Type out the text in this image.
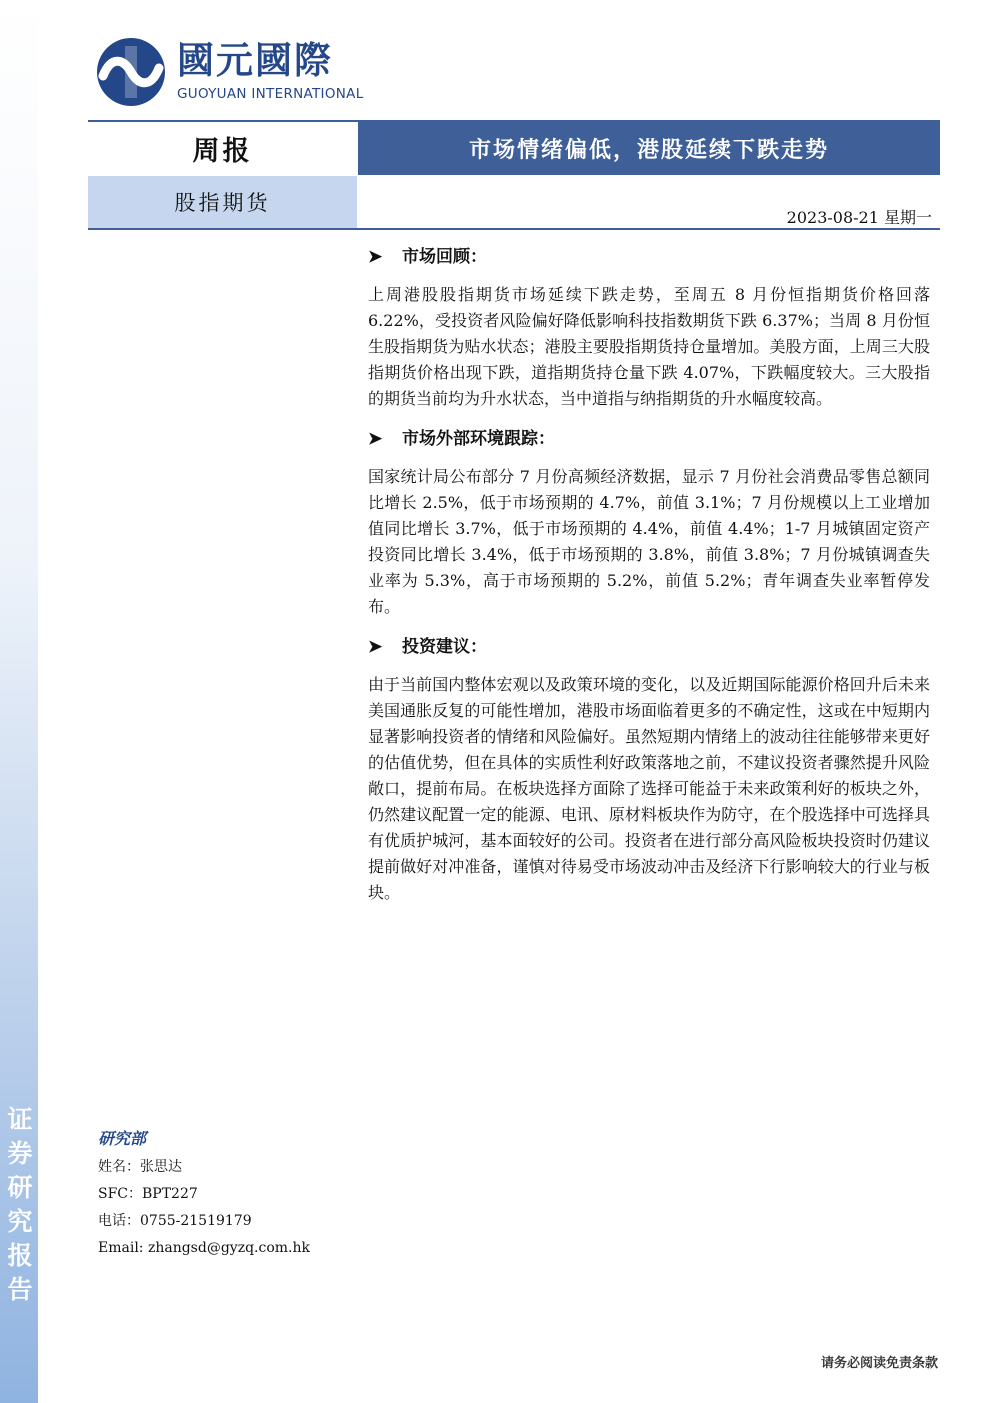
证
券
研
究
报
告
國元國際
GUOYUAN INTERNATIONAL
周报	市场情绪偏低，港股延续下跌走势
股指期货
2023-08-21 星期一
➤	市场回顾：

上周港股股指期货市场延续下跌走势，至周五 8 月份恒指期货价格回落 6.22%，受投资者风险偏好降低影响科技指数期货下跌 6.37%；当周 8 月份恒生股指期货为贴水状态；港股主要股指期货持仓量增加。美股方面，上周三大股指期货价格出现下跌，道指期货持仓量下跌 4.07%，下跌幅度较大。三大股指的期货当前均为升水状态，当中道指与纳指期货的升水幅度较高。

➤	市场外部环境跟踪：

国家统计局公布部分 7 月份高频经济数据，显示 7 月份社会消费品零售总额同比增长 2.5%，低于市场预期的 4.7%，前值 3.1%；7 月份规模以上工业增加值同比增长 3.7%，低于市场预期的 4.4%，前值 4.4%；1-7 月城镇固定资产投资同比增长 3.4%，低于市场预期的 3.8%，前值 3.8%；7 月份城镇调查失业率为 5.3%，高于市场预期的 5.2%，前值 5.2%；青年调查失业率暂停发布。

➤	投资建议：

由于当前国内整体宏观以及政策环境的变化，以及近期国际能源价格回升后未来美国通胀反复的可能性增加，港股市场面临着更多的不确定性，这或在中短期内显著影响投资者的情绪和风险偏好。虽然短期内情绪上的波动往往能够带来更好的估值优势，但在具体的实质性利好政策落地之前，不建议投资者骤然提升风险敞口，提前布局。在板块选择方面除了选择可能益于未来政策利好的板块之外，仍然建议配置一定的能源、电讯、原材料板块作为防守，在个股选择中可选择具有优质护城河，基本面较好的公司。投资者在进行部分高风险板块投资时仍建议提前做好对冲准备，谨慎对待易受市场波动冲击及经济下行影响较大的行业与板块。

研究部
姓名：张思达
SFC：BPT227
电话：0755-21519179
Email: zhangsd@gyzq.com.hk
请务必阅读免责条款
